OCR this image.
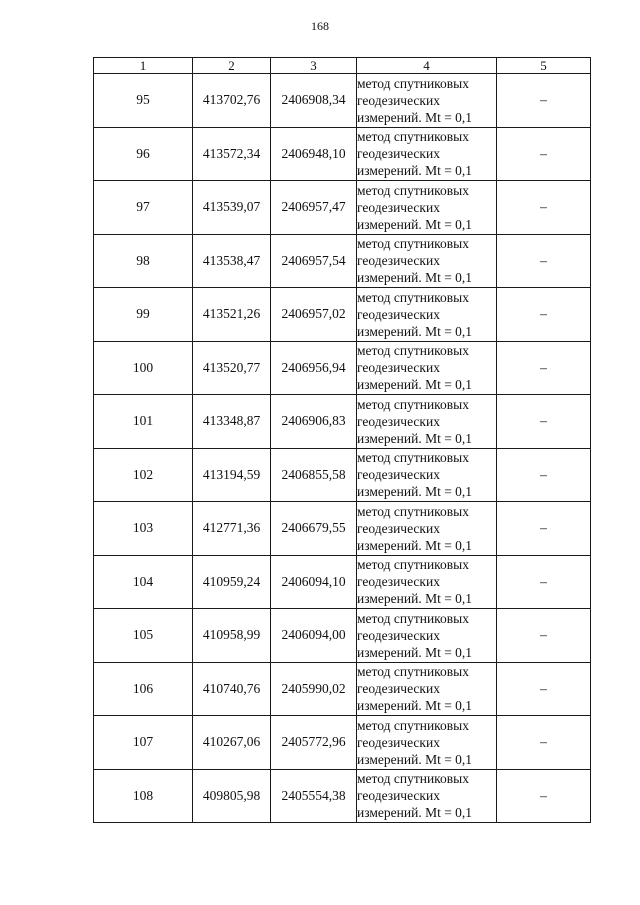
168
1	2	3	4	5
95	413702,76	2406908,34	метод спутниковых
геодезических
измерений. Mt = 0,1	–
96	413572,34	2406948,10	метод спутниковых
геодезических
измерений. Mt = 0,1	–
97	413539,07	2406957,47	метод спутниковых
геодезических
измерений. Mt = 0,1	–
98	413538,47	2406957,54	метод спутниковых
геодезических
измерений. Mt = 0,1	–
99	413521,26	2406957,02	метод спутниковых
геодезических
измерений. Mt = 0,1	–
100	413520,77	2406956,94	метод спутниковых
геодезических
измерений. Mt = 0,1	–
101	413348,87	2406906,83	метод спутниковых
геодезических
измерений. Mt = 0,1	–
102	413194,59	2406855,58	метод спутниковых
геодезических
измерений. Mt = 0,1	–
103	412771,36	2406679,55	метод спутниковых
геодезических
измерений. Mt = 0,1	–
104	410959,24	2406094,10	метод спутниковых
геодезических
измерений. Mt = 0,1	–
105	410958,99	2406094,00	метод спутниковых
геодезических
измерений. Mt = 0,1	–
106	410740,76	2405990,02	метод спутниковых
геодезических
измерений. Mt = 0,1	–
107	410267,06	2405772,96	метод спутниковых
геодезических
измерений. Mt = 0,1	–
108	409805,98	2405554,38	метод спутниковых
геодезических
измерений. Mt = 0,1	–
